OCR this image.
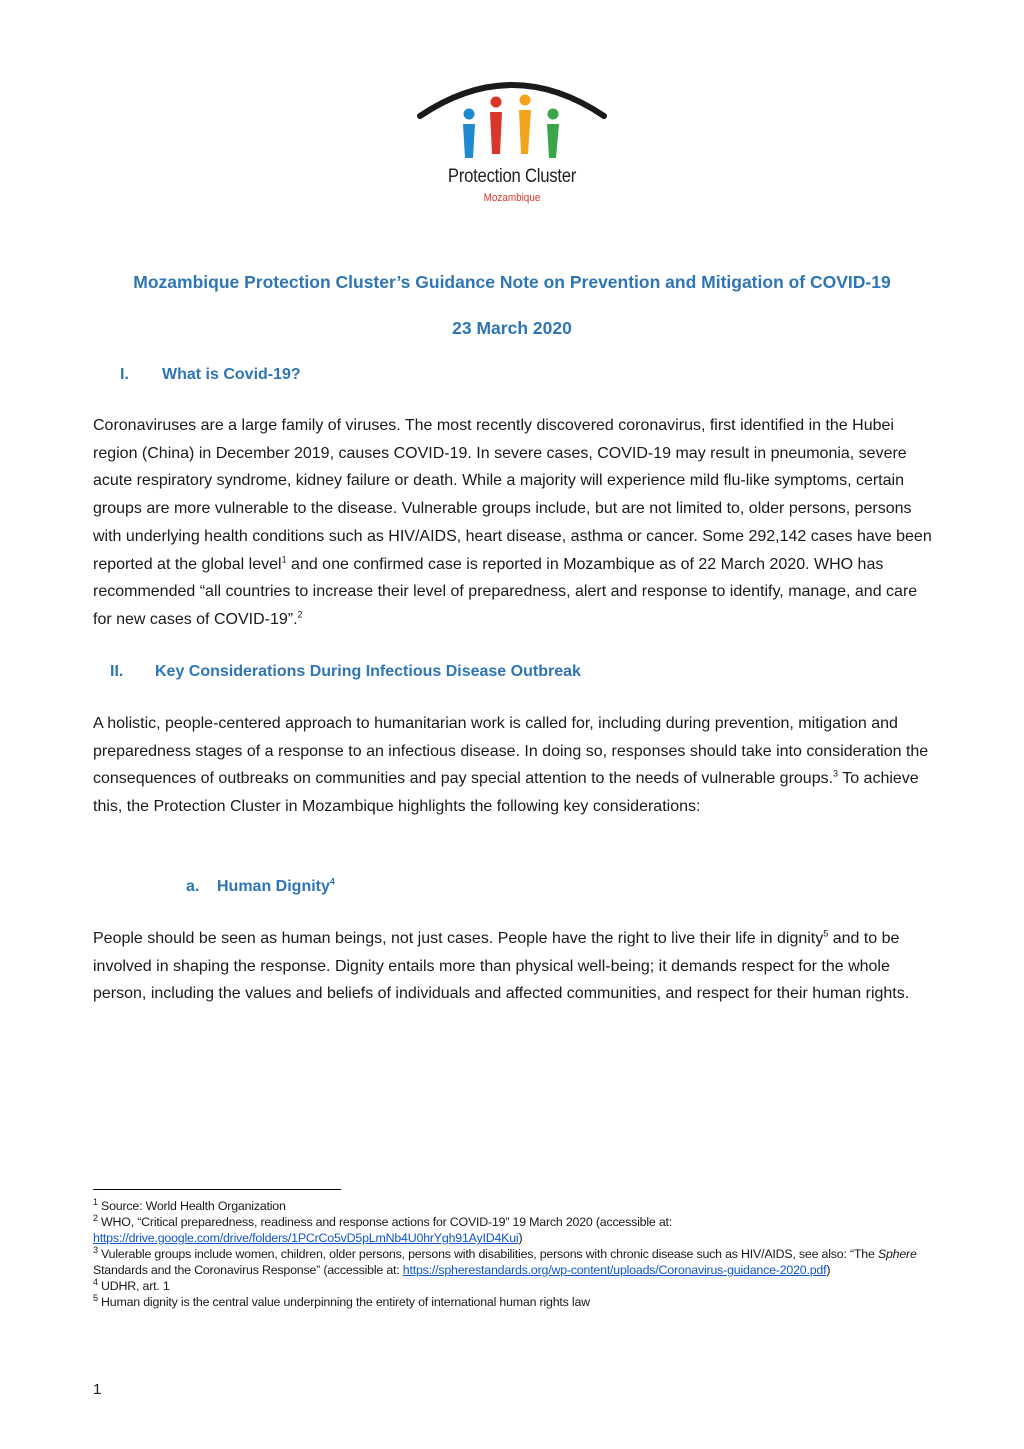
Protection Cluster
Mozambique
Mozambique Protection Cluster’s Guidance Note on Prevention and Mitigation of COVID-19
23 March 2020
I. What is Covid-19?
Coronaviruses are a large family of viruses. The most recently discovered coronavirus, first identified in the Hubei region (China) in December 2019, causes COVID-19. In severe cases, COVID-19 may result in pneumonia, severe acute respiratory syndrome, kidney failure or death. While a majority will experience mild flu-like symptoms, certain groups are more vulnerable to the disease. Vulnerable groups include, but are not limited to, older persons, persons with underlying health conditions such as HIV/AIDS, heart disease, asthma or cancer. Some 292,142 cases have been reported at the global level$^1$ and one confirmed case is reported in Mozambique as of 22 March 2020. WHO has recommended “all countries to increase their level of preparedness, alert and response to identify, manage, and care for new cases of COVID-19”.$^2$
II. Key Considerations During Infectious Disease Outbreak
A holistic, people-centered approach to humanitarian work is called for, including during prevention, mitigation and preparedness stages of a response to an infectious disease. In doing so, responses should take into consideration the consequences of outbreaks on communities and pay special attention to the needs of vulnerable groups.$^3$ To achieve this, the Protection Cluster in Mozambique highlights the following key considerations:
a. Human Dignity$^4$
People should be seen as human beings, not just cases. People have the right to live their life in dignity$^5$ and to be involved in shaping the response. Dignity entails more than physical well-being; it demands respect for the whole person, including the values and beliefs of individuals and affected communities, and respect for their human rights.

$^1$ Source: World Health Organization

$^2$ WHO, “Critical preparedness, readiness and response actions for COVID-19” 19 March 2020 (accessible at: https://drive.google.com/drive/folders/1PCrCo5vD5pLmNb4U0hrYgh91AyID4Kui)

$^3$ Vulerable groups include women, children, older persons, persons with disabilities, persons with chronic disease such as HIV/AIDS, see also: “The Sphere Standards and the Coronavirus Response” (accessible at: https://spherestandards.org/wp-content/uploads/Coronavirus-guidance-2020.pdf)

$^4$ UDHR, art. 1

$^5$ Human dignity is the central value underpinning the entirety of international human rights law

1
